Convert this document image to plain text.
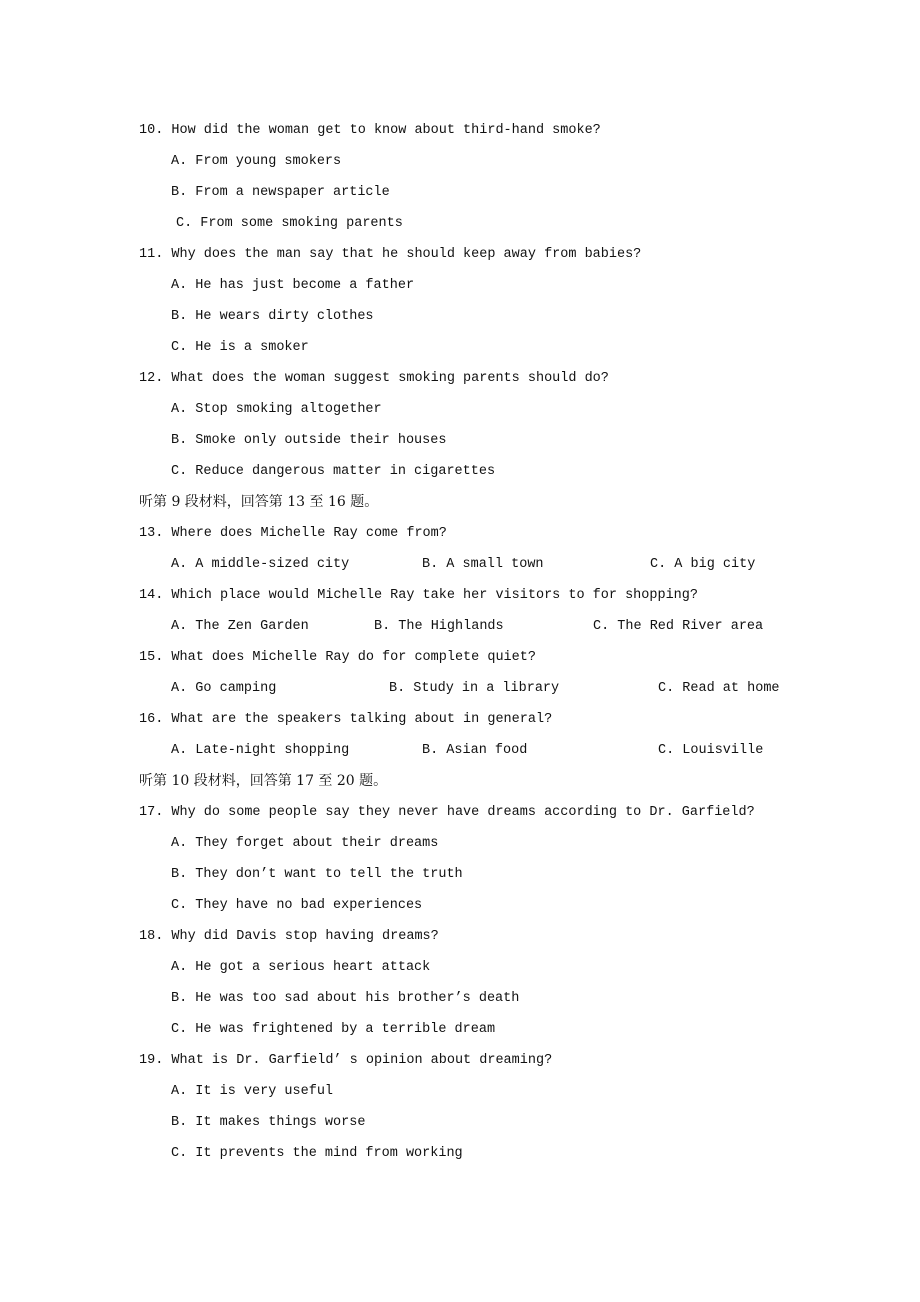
10. How did the woman get to know about third-hand smoke?
A. From young smokers
B. From a newspaper article
C. From some smoking parents
11. Why does the man say that he should keep away from babies?
A. He has just become a father
B. He wears dirty clothes
C. He is a smoker
12. What does the woman suggest smoking parents should do?
A. Stop smoking altogether
B. Smoke only outside their houses
C. Reduce dangerous matter in cigarettes
听第 9 段材料，回答第 13 至 16 题。
13. Where does Michelle Ray come from?

A. A middle-sized city

	B. A small town

	C. A big city

14. Which place would Michelle Ray take her visitors to for shopping?

A. The Zen Garden

	B. The Highlands

	C. The Red River area

15. What does Michelle Ray do for complete quiet?

A. Go camping

	B. Study in a library

	C. Read at home

16. What are the speakers talking about in general?

A. Late-night shopping

	B. Asian food

	C. Louisville

听第 10 段材料，回答第 17 至 20 题。
17. Why do some people say they never have dreams according to Dr. Garfield?
A. They forget about their dreams
B. They don’t want to tell the truth
C. They have no bad experiences
18. Why did Davis stop having dreams?
A. He got a serious heart attack
B. He was too sad about his brother’s death
C. He was frightened by a terrible dream
19. What is Dr. Garfield’ s opinion about dreaming?
A. It is very useful
B. It makes things worse
C. It prevents the mind from working
